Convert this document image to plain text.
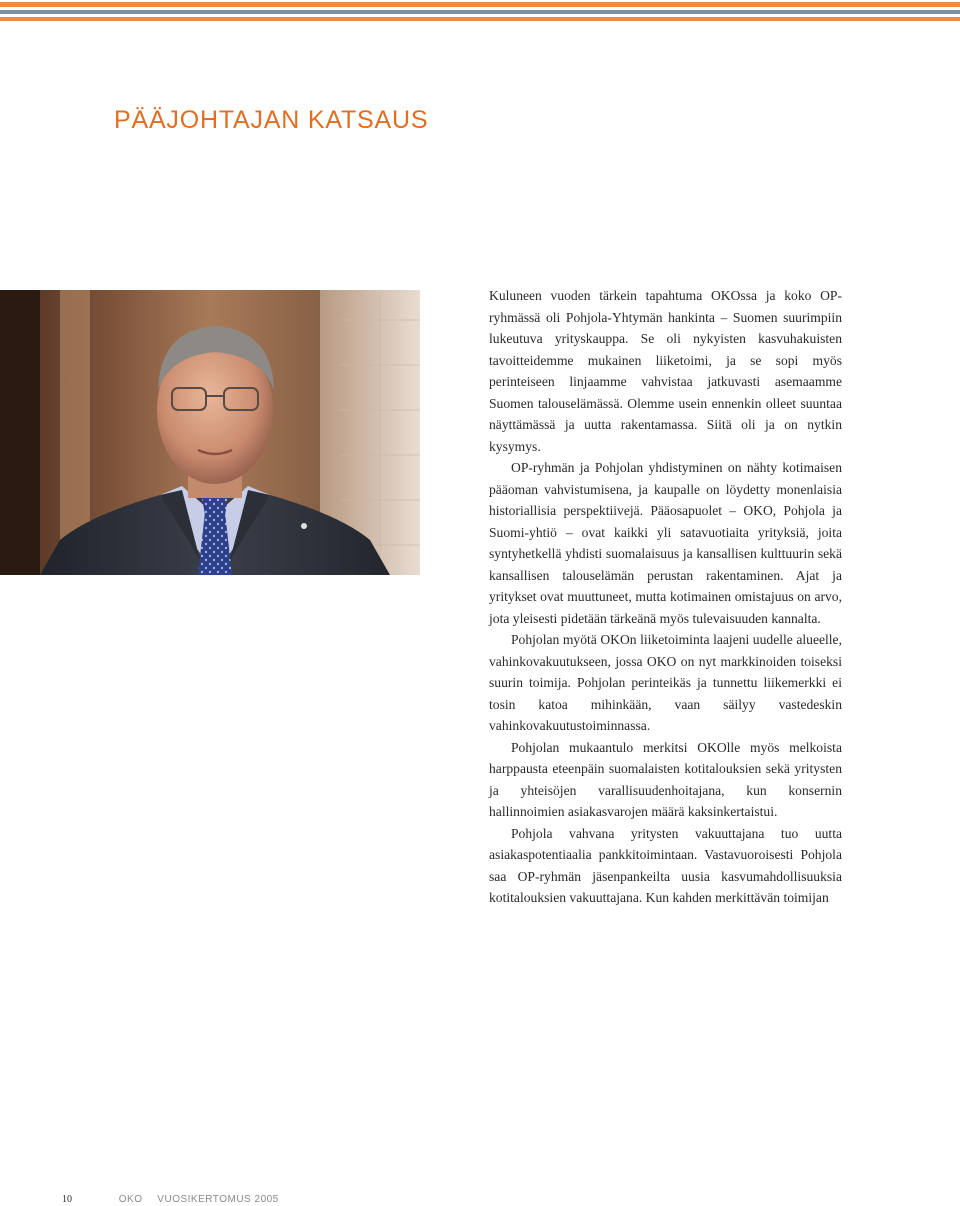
PÄÄJOHTAJAN KATSAUS

Kuluneen vuoden tärkein tapahtuma OKOssa ja koko OP-ryhmässä oli Pohjola-Yhtymän hankinta – Suomen suurimpiin lukeutuva yrityskauppa. Se oli nykyisten kasvuhakuisten tavoitteidemme mukainen liiketoimi, ja se sopi myös perinteiseen linjaamme vahvistaa jatkuvasti asemaamme Suomen talouselämässä. Olemme usein ennenkin olleet suuntaa näyttämässä ja uutta rakentamassa. Siitä oli ja on nytkin kysymys.

OP-ryhmän ja Pohjolan yhdistyminen on nähty kotimaisen pääoman vahvistumisena, ja kaupalle on löydetty monenlaisia historiallisia perspektiivejä. Pääosapuolet – OKO, Pohjola ja Suomi-yhtiö – ovat kaikki yli satavuotiaita yrityksiä, joita syntyhetkellä yhdisti suomalaisuus ja kansallisen kulttuurin sekä kansallisen talouselämän perustan rakentaminen. Ajat ja yritykset ovat muuttuneet, mutta kotimainen omistajuus on arvo, jota yleisesti pidetään tärkeänä myös tulevaisuuden kannalta.

Pohjolan myötä OKOn liiketoiminta laajeni uudelle alueelle, vahinkovakuutukseen, jossa OKO on nyt markkinoiden toiseksi suurin toimija. Pohjolan perinteikäs ja tunnettu liikemerkki ei tosin katoa mihinkään, vaan säilyy vastedeskin vahinkovakuutustoiminnassa.

Pohjolan mukaantulo merkitsi OKOlle myös melkoista harppausta eteenpäin suomalaisten kotitalouksien sekä yritysten ja yhteisöjen varallisuudenhoitajana, kun konsernin hallinnoimien asiakasvarojen määrä kaksinkertaistui.

Pohjola vahvana yritysten vakuuttajana tuo uutta asiakaspotentiaalia pankkitoimintaan. Vastavuoroisesti Pohjola saa OP-ryhmän jäsenpankeilta uusia kasvumahdollisuuksia kotitalouksien vakuuttajana. Kun kahden merkittävän toimijan

10	OKO VUOSIKERTOMUS 2005
